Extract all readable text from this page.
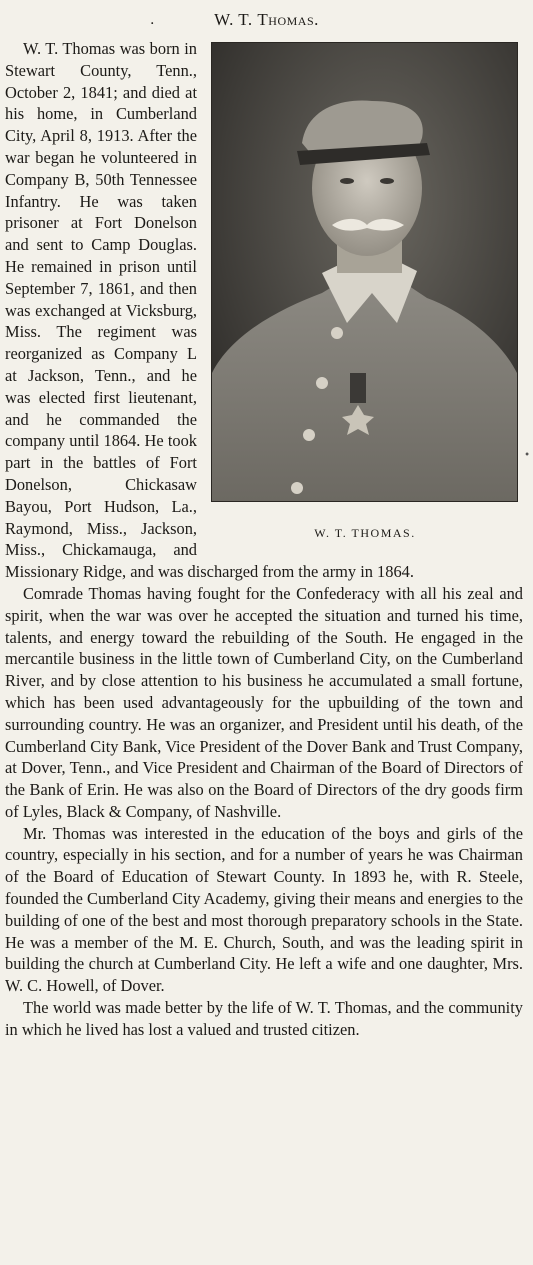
.	W. T. Thomas.
W. T. THOMAS.

W. T. Thomas was born in Stewart County, Tenn., October 2, 1841; and died at his home, in Cumberland City, April 8, 1913. After the war began he volunteered in Company B, 50th Tennessee Infantry. He was taken prisoner at Fort Donelson and sent to Camp Douglas. He remained in prison until September 7, 1861, and then was exchanged at Vicksburg, Miss. The regiment was reorganized as Company L at Jackson, Tenn., and he was elected first lieutenant, and he commanded the company until 1864. He took part in the battles of Fort Donelson, Chickasaw Bayou, Port Hudson, La., Raymond, Miss., Jackson, Miss., Chickamauga, and Missionary Ridge, and was discharged from the army in 1864.

Comrade Thomas having fought for the Confederacy with all his zeal and spirit, when the war was over he accepted the situation and turned his time, talents, and energy toward the rebuilding of the South. He engaged in the mercantile business in the little town of Cumberland City, on the Cumberland River, and by close attention to his business he accumulated a small fortune, which has been used advantageously for the upbuilding of the town and surrounding country. He was an organizer, and President until his death, of the Cumberland City Bank, Vice President of the Dover Bank and Trust Company, at Dover, Tenn., and Vice President and Chairman of the Board of Directors of the Bank of Erin. He was also on the Board of Directors of the dry goods firm of Lyles, Black & Company, of Nashville.

Mr. Thomas was interested in the education of the boys and girls of the country, especially in his section, and for a number of years he was Chairman of the Board of Education of Stewart County. In 1893 he, with R. Steele, founded the Cumberland City Academy, giving their means and energies to the building of one of the best and most thorough preparatory schools in the State. He was a member of the M. E. Church, South, and was the leading spirit in building the church at Cumberland City. He left a wife and one daughter, Mrs. W. C. Howell, of Dover.

The world was made better by the life of W. T. Thomas, and the community in which he lived has lost a valued and trusted citizen.

•
